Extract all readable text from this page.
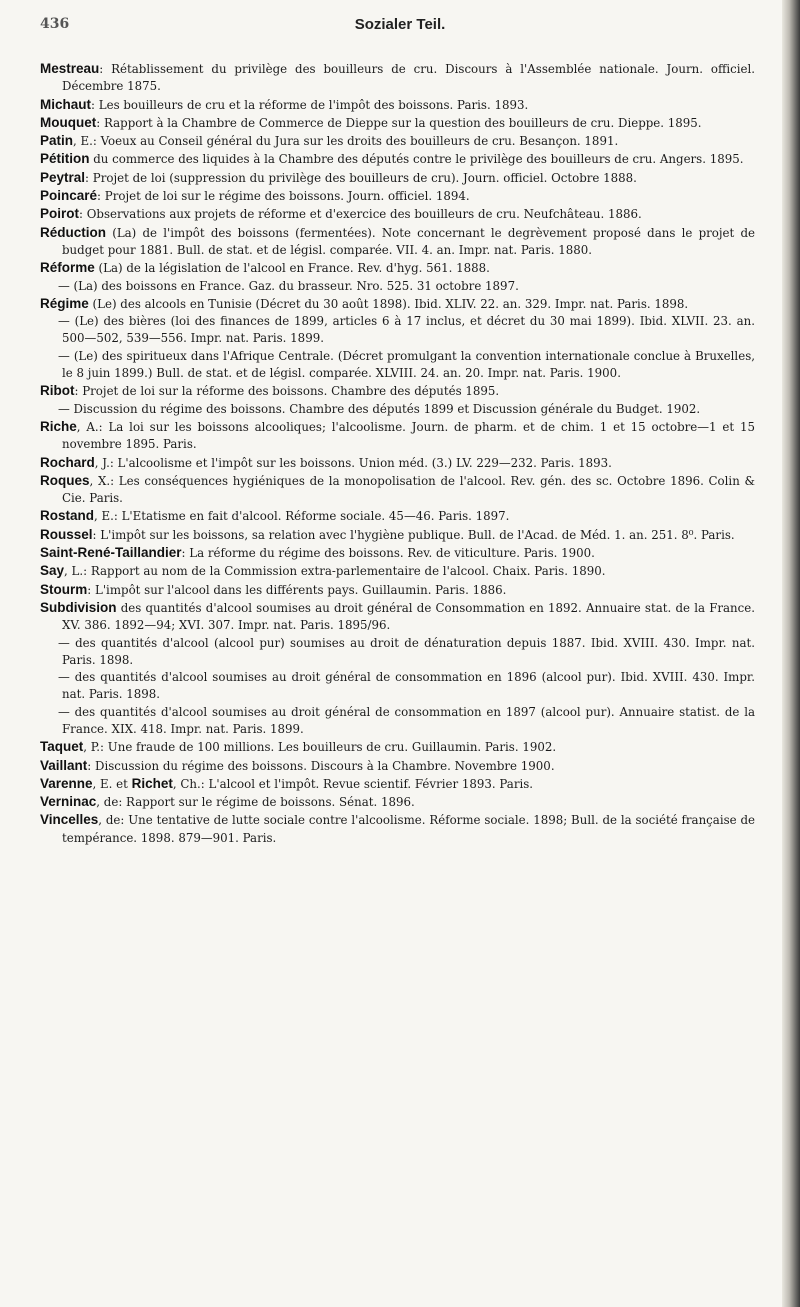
436	Sozialer Teil.

Mestreau: Rétablissement du privilège des bouilleurs de cru. Discours à l'Assemblée nationale. Journ. officiel. Décembre 1875.

Michaut: Les bouilleurs de cru et la réforme de l'impôt des boissons. Paris. 1893.

Mouquet: Rapport à la Chambre de Commerce de Dieppe sur la question des bouilleurs de cru. Dieppe. 1895.

Patin, E.: Voeux au Conseil général du Jura sur les droits des bouilleurs de cru. Besançon. 1891.

Pétition du commerce des liquides à la Chambre des députés contre le privilège des bouilleurs de cru. Angers. 1895.

Peytral: Projet de loi (suppression du privilège des bouilleurs de cru). Journ. officiel. Octobre 1888.

Poincaré: Projet de loi sur le régime des boissons. Journ. officiel. 1894.

Poirot: Observations aux projets de réforme et d'exercice des bouilleurs de cru. Neufchâteau. 1886.

Réduction (La) de l'impôt des boissons (fermentées). Note concernant le degrèvement proposé dans le projet de budget pour 1881. Bull. de stat. et de législ. comparée. VII. 4. an. Impr. nat. Paris. 1880.

Réforme (La) de la législation de l'alcool en France. Rev. d'hyg. 561. 1888.

— (La) des boissons en France. Gaz. du brasseur. Nro. 525. 31 octobre 1897.

Régime (Le) des alcools en Tunisie (Décret du 30 août 1898). Ibid. XLIV. 22. an. 329. Impr. nat. Paris. 1898.

— (Le) des bières (loi des finances de 1899, articles 6 à 17 inclus, et décret du 30 mai 1899). Ibid. XLVII. 23. an. 500—502, 539—556. Impr. nat. Paris. 1899.

— (Le) des spiritueux dans l'Afrique Centrale. (Décret promulgant la convention internationale conclue à Bruxelles, le 8 juin 1899.) Bull. de stat. et de législ. comparée. XLVIII. 24. an. 20. Impr. nat. Paris. 1900.

Ribot: Projet de loi sur la réforme des boissons. Chambre des députés 1895.

— Discussion du régime des boissons. Chambre des députés 1899 et Discussion générale du Budget. 1902.

Riche, A.: La loi sur les boissons alcooliques; l'alcoolisme. Journ. de pharm. et de chim. 1 et 15 octobre—1 et 15 novembre 1895. Paris.

Rochard, J.: L'alcoolisme et l'impôt sur les boissons. Union méd. (3.) LV. 229—232. Paris. 1893.

Roques, X.: Les conséquences hygiéniques de la monopolisation de l'alcool. Rev. gén. des sc. Octobre 1896. Colin & Cie. Paris.

Rostand, E.: L'Etatisme en fait d'alcool. Réforme sociale. 45—46. Paris. 1897.

Roussel: L'impôt sur les boissons, sa relation avec l'hygiène publique. Bull. de l'Acad. de Méd. 1. an. 251. 8⁰. Paris.

Saint-René-Taillandier: La réforme du régime des boissons. Rev. de viticulture. Paris. 1900.

Say, L.: Rapport au nom de la Commission extra-parlementaire de l'alcool. Chaix. Paris. 1890.

Stourm: L'impôt sur l'alcool dans les différents pays. Guillaumin. Paris. 1886.

Subdivision des quantités d'alcool soumises au droit général de Consommation en 1892. Annuaire stat. de la France. XV. 386. 1892—94; XVI. 307. Impr. nat. Paris. 1895/96.

— des quantités d'alcool (alcool pur) soumises au droit de dénaturation depuis 1887. Ibid. XVIII. 430. Impr. nat. Paris. 1898.

— des quantités d'alcool soumises au droit général de consommation en 1896 (alcool pur). Ibid. XVIII. 430. Impr. nat. Paris. 1898.

— des quantités d'alcool soumises au droit général de consommation en 1897 (alcool pur). Annuaire statist. de la France. XIX. 418. Impr. nat. Paris. 1899.

Taquet, P.: Une fraude de 100 millions. Les bouilleurs de cru. Guillaumin. Paris. 1902.

Vaillant: Discussion du régime des boissons. Discours à la Chambre. Novembre 1900.

Varenne, E. et Richet, Ch.: L'alcool et l'impôt. Revue scientif. Février 1893. Paris.

Verninac, de: Rapport sur le régime de boissons. Sénat. 1896.

Vincelles, de: Une tentative de lutte sociale contre l'alcoolisme. Réforme sociale. 1898; Bull. de la société française de tempérance. 1898. 879—901. Paris.
